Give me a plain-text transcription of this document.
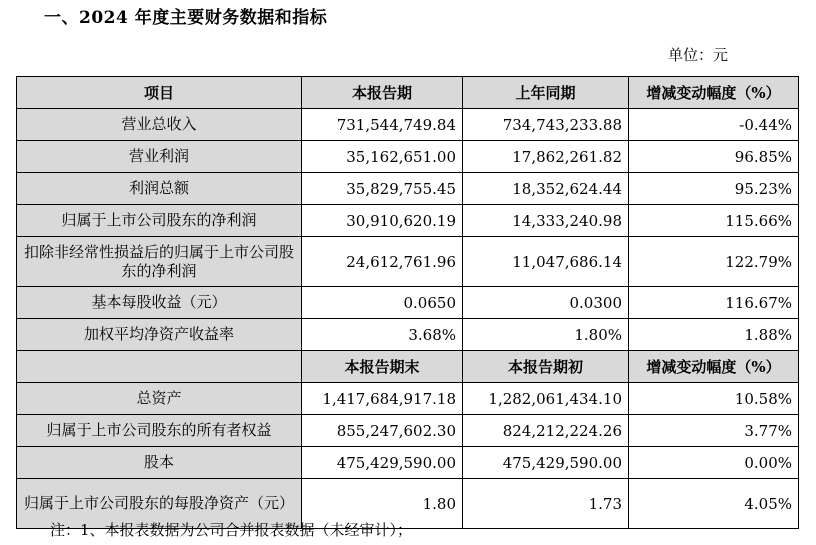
一、2024 年度主要财务数据和指标
单位：元
项目	本报告期	上年同期	增减变动幅度（%）
营业总收入	731,544,749.84	734,743,233.88	-0.44%
营业利润	35,162,651.00	17,862,261.82	96.85%
利润总额	35,829,755.45	18,352,624.44	95.23%
归属于上市公司股东的净利润	30,910,620.19	14,333,240.98	115.66%
扣除非经常性损益后的归属于上市公司股东的净利润	24,612,761.96	11,047,686.14	122.79%
基本每股收益（元）	0.0650	0.0300	116.67%
加权平均净资产收益率	3.68%	1.80%	1.88%
	本报告期末	本报告期初	增减变动幅度（%）
总资产	1,417,684,917.18	1,282,061,434.10	10.58%
归属于上市公司股东的所有者权益	855,247,602.30	824,212,224.26	3.77%
股本	475,429,590.00	475,429,590.00	0.00%
归属于上市公司股东的每股净资产（元）	1.80	1.73	4.05%
注：1、本报表数据为公司合并报表数据（未经审计）；
